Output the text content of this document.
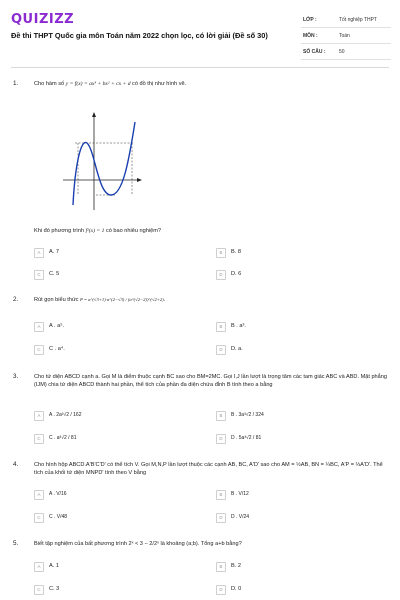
QUIZIZZ
Đề thi THPT Quốc gia môn Toán năm 2022 chọn lọc, có lời giải (Đề số 30)
LỚP :	Tốt nghiệp THPT
MÔN :	Toán
SỐ CÂU :	50
1.	Cho hàm số y = f(x) = ax³ + bx² + cx + d có đồ thị như hình vẽ.
Khi đó phương trình f²(x) = 1 có bao nhiêu nghiệm?
A	A. 7	B	B. 8
C	C. 5	D	D. 6
2.	Rút gọn biểu thức P = a^(√3+1)·a^(2−√3) / (a^(√2−2))^(√2+2).
A	A . a⁵.	B	B . a³.
C	C . a⁴.	D	D. a.
3.	Cho tứ diện ABCD cạnh a. Gọi M là điểm thuộc cạnh BC sao cho BM=2MC. Gọi I,J lần lượt là trọng tâm các tam giác ABC và ABD. Mặt phẳng (IJM) chia tứ diện ABCD thành hai phần, thể tích của phần đa diện chứa đỉnh B tính theo a bằng
A	A . 2a³√2 / 162	B	B . 3a³√2 / 324
C	C . a³√2 / 81	D	D . 5a³√2 / 81
4.	Cho hình hộp ABCD.A'B'C'D' có thể tích V. Gọi M,N,P lần lượt thuộc các cạnh AB, BC, A'D' sao cho AM = ½AB, BN = ¼BC, A'P = ⅓A'D'. Thể tích của khối tứ diện MNPD' tính theo V bằng
A	A . V/16	B	B . V/12
C	C . V/48	D	D . V/24
5.	Biết tập nghiệm của bất phương trình 2ˣ < 3 − 2/2ˣ là khoảng (a;b). Tổng a+b bằng?
A	A. 1	B	B. 2
C	C. 3	D	D. 0
